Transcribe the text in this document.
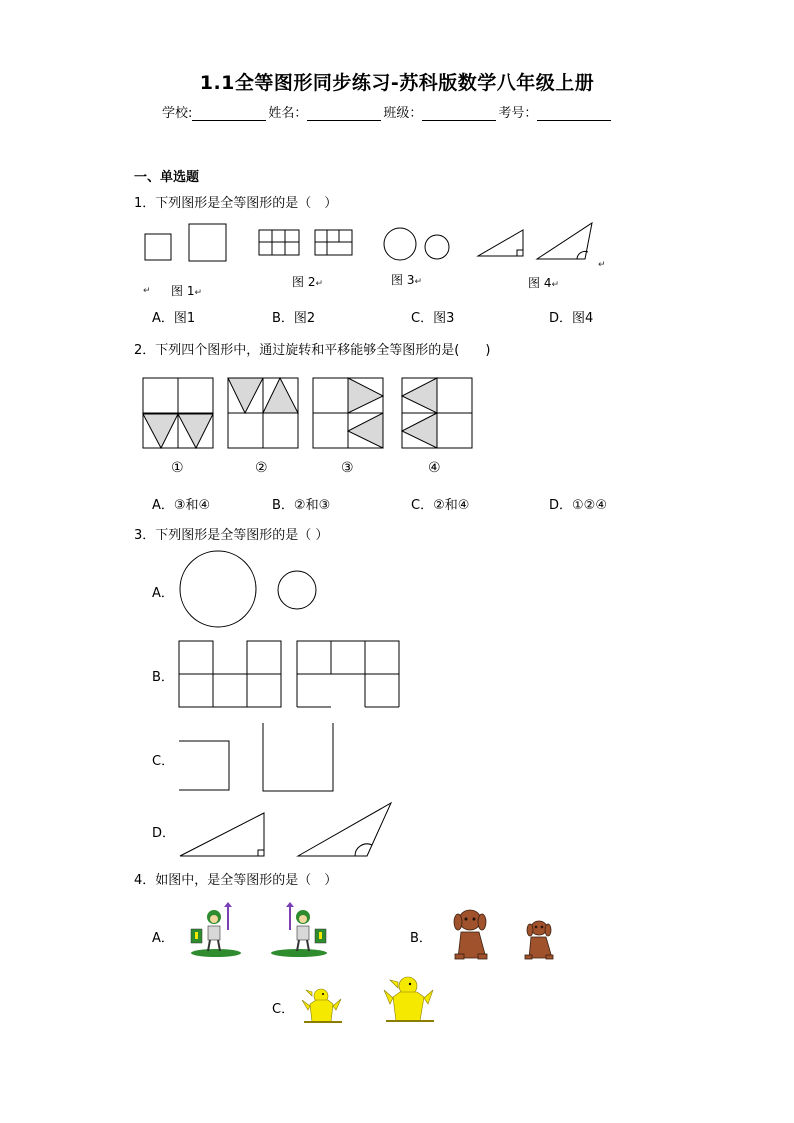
1.1全等图形同步练习-苏科版数学八年级上册
学校:	姓名：	班级：	考号：
一、单选题
1．下列图形是全等图形的是（　）
↵ 图 1↵
图 2↵	图 3↵	图 4↵
↵
A．图1	B．图2	C．图3	D．图4
2．下列四个图形中，通过旋转和平移能够全等图形的是(　　)
①	②	③	④
A．③和④	B．②和③	C．②和④	D．①②④
3．下列图形是全等图形的是（ ）
A．
B．
C．
D．
4．如图中，是全等图形的是（　）
A．	B．
C．
